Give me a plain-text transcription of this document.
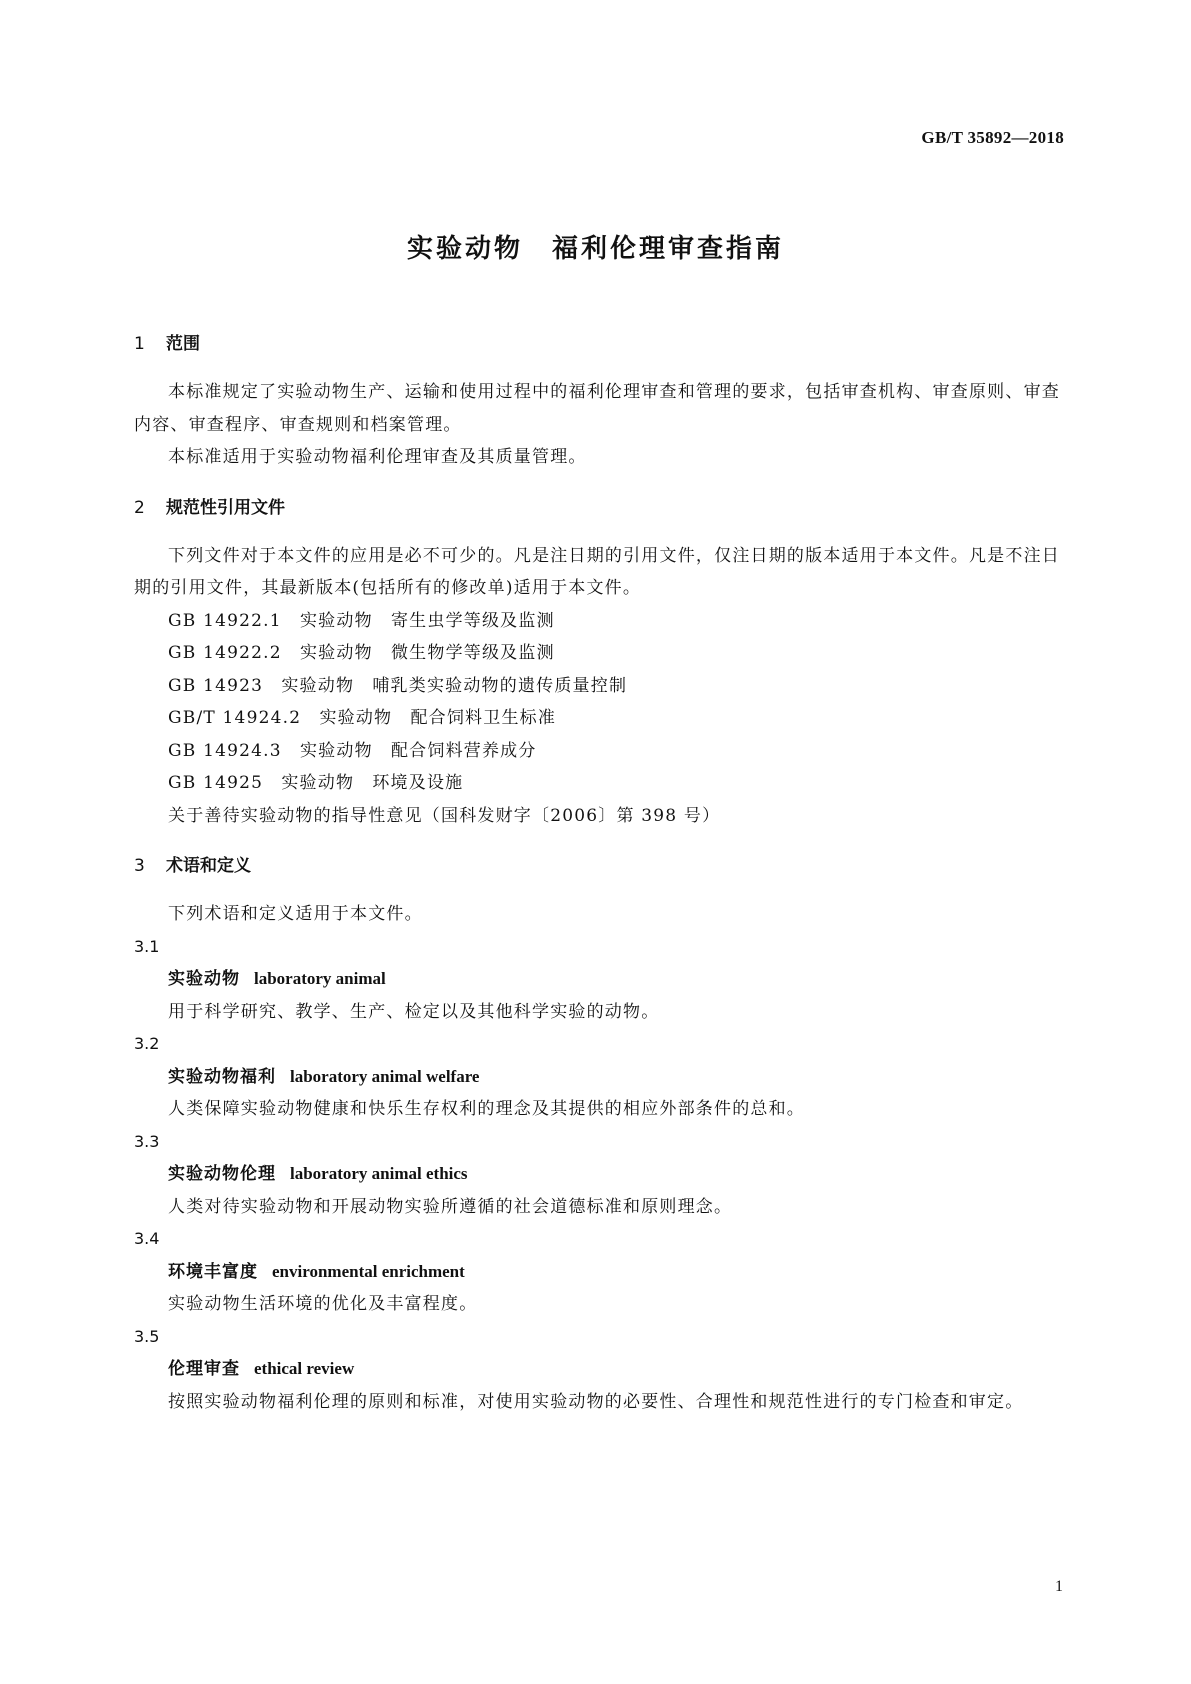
GB/T 35892—2018
实验动物　福利伦理审查指南
1	范围
本标准规定了实验动物生产、运输和使用过程中的福利伦理审查和管理的要求，包括审查机构、审查原则、审查内容、审查程序、审查规则和档案管理。
本标准适用于实验动物福利伦理审查及其质量管理。
2	规范性引用文件
下列文件对于本文件的应用是必不可少的。凡是注日期的引用文件，仅注日期的版本适用于本文件。凡是不注日期的引用文件，其最新版本(包括所有的修改单)适用于本文件。
GB 14922.1　实验动物　寄生虫学等级及监测
GB 14922.2　实验动物　微生物学等级及监测
GB 14923　实验动物　哺乳类实验动物的遗传质量控制
GB/T 14924.2　实验动物　配合饲料卫生标准
GB 14924.3　实验动物　配合饲料营养成分
GB 14925　实验动物　环境及设施
关于善待实验动物的指导性意见（国科发财字〔2006〕第 398 号）
3	术语和定义
下列术语和定义适用于本文件。
3.1
实验动物 laboratory animal
用于科学研究、教学、生产、检定以及其他科学实验的动物。
3.2
实验动物福利 laboratory animal welfare
人类保障实验动物健康和快乐生存权利的理念及其提供的相应外部条件的总和。
3.3
实验动物伦理 laboratory animal ethics
人类对待实验动物和开展动物实验所遵循的社会道德标准和原则理念。
3.4
环境丰富度 environmental enrichment
实验动物生活环境的优化及丰富程度。
3.5
伦理审查 ethical review
按照实验动物福利伦理的原则和标准，对使用实验动物的必要性、合理性和规范性进行的专门检查和审定。
1
